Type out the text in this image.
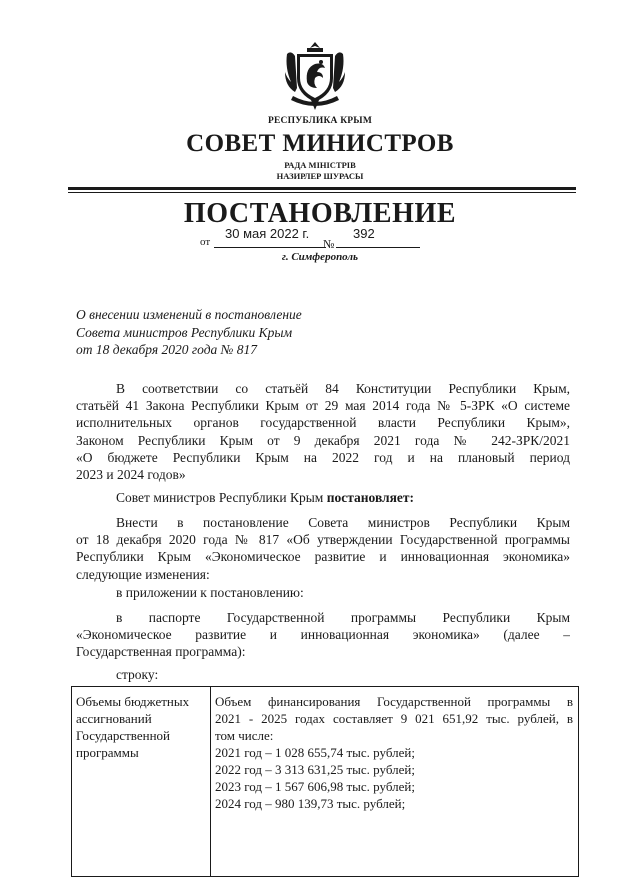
РЕСПУБЛИКА КРЫМ
СОВЕТ МИНИСТРОВ
РАДА МІНІСТРІВ
НАЗИРЛЕР ШУРАСЫ
ПОСТАНОВЛЕНИЕ
от
30 мая 2022 г.
№
392
г. Симферополь
О внесении изменений в постановление
Совета министров Республики Крым
от 18 декабря 2020 года № 817
В соответствии со статьёй 84 Конституции Республики Крым,
статьёй 41 Закона Республики Крым от 29 мая 2014 года № 5-ЗРК «О системе
исполнительных органов государственной власти Республики Крым»,
Законом Республики Крым от 9 декабря 2021 года № 242-ЗРК/2021
«О бюджете Республики Крым на 2022 год и на плановый период
2023 и 2024 годов»
Совет министров Республики Крым постановляет:
Внести в постановление Совета министров Республики Крым
от 18 декабря 2020 года № 817 «Об утверждении Государственной программы
Республики Крым «Экономическое развитие и инновационная экономика»
следующие изменения:
в приложении к постановлению:
в паспорте Государственной программы Республики Крым
«Экономическое развитие и инновационная экономика» (далее –
Государственная программа):
строку:
Объемы бюджетных
ассигнований
Государственной
программы
Объем финансирования Государственной программы в
2021 - 2025 годах составляет 9 021 651,92 тыс. рублей, в
том числе:
2021 год – 1 028 655,74 тыс. рублей;
2022 год – 3 313 631,25 тыс. рублей;
2023 год – 1 567 606,98 тыс. рублей;
2024 год – 980 139,73 тыс. рублей;
